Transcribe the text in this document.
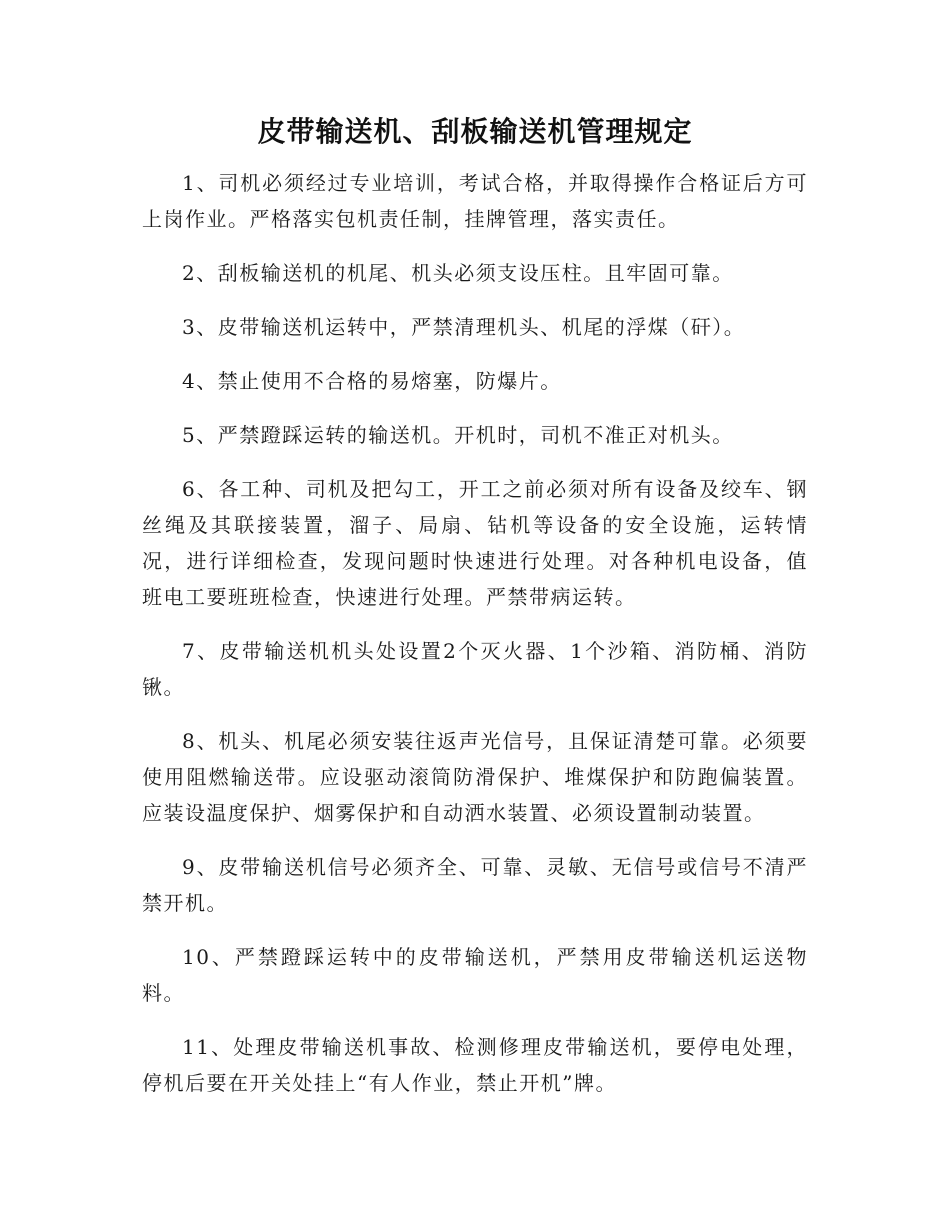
皮带输送机、刮板输送机管理规定

1、司机必须经过专业培训，考试合格，并取得操作合格证后方可上岗作业。严格落实包机责任制，挂牌管理，落实责任。

2、刮板输送机的机尾、机头必须支设压柱。且牢固可靠。

3、皮带输送机运转中，严禁清理机头、机尾的浮煤（矸）。

4、禁止使用不合格的易熔塞，防爆片。

5、严禁蹬踩运转的输送机。开机时，司机不准正对机头。

6、各工种、司机及把勾工，开工之前必须对所有设备及绞车、钢丝绳及其联接装置，溜子、局扇、钻机等设备的安全设施，运转情况，进行详细检查，发现问题时快速进行处理。对各种机电设备，值班电工要班班检查，快速进行处理。严禁带病运转。

7、皮带输送机机头处设置2个灭火器、1个沙箱、消防桶、消防锹。

8、机头、机尾必须安装往返声光信号，且保证清楚可靠。必须要使用阻燃输送带。应设驱动滚筒防滑保护、堆煤保护和防跑偏装置。应装设温度保护、烟雾保护和自动洒水装置、必须设置制动装置。

9、皮带输送机信号必须齐全、可靠、灵敏、无信号或信号不清严禁开机。

10、严禁蹬踩运转中的皮带输送机，严禁用皮带输送机运送物料。

11、处理皮带输送机事故、检测修理皮带输送机，要停电处理，停机后要在开关处挂上“有人作业，禁止开机”牌。
